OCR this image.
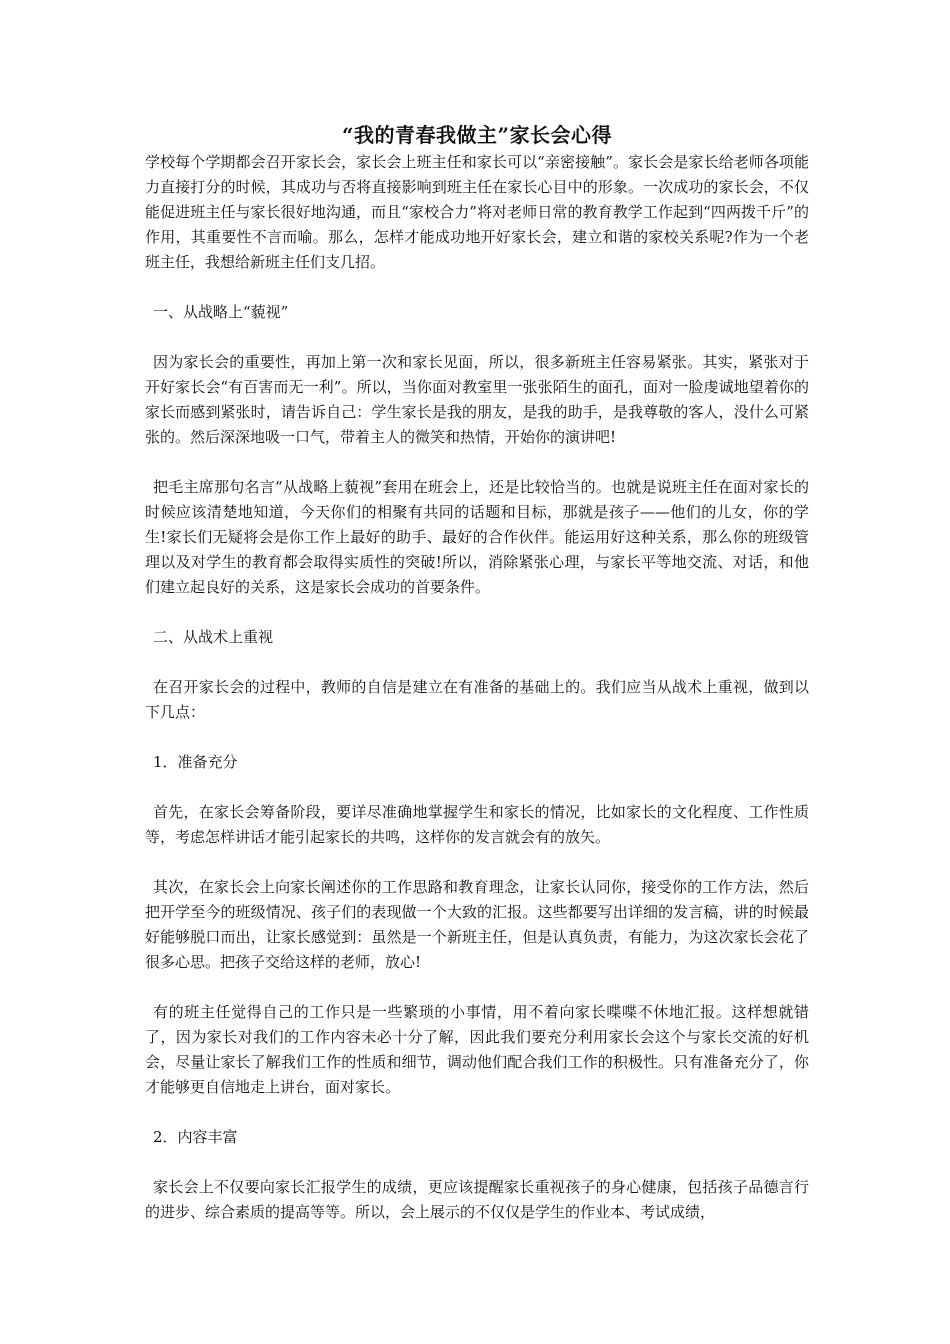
“我的青春我做主”家长会心得

学校每个学期都会召开家长会，家长会上班主任和家长可以“亲密接触”。家长会是家长给老师各项能力直接打分的时候，其成功与否将直接影响到班主任在家长心目中的形象。一次成功的家长会，不仅能促进班主任与家长很好地沟通，而且“家校合力”将对老师日常的教育教学工作起到“四两拨千斤”的作用，其重要性不言而喻。那么，怎样才能成功地开好家长会，建立和谐的家校关系呢?作为一个老班主任，我想给新班主任们支几招。

一、从战略上“藐视”

因为家长会的重要性，再加上第一次和家长见面，所以，很多新班主任容易紧张。其实，紧张对于开好家长会“有百害而无一利”。所以，当你面对教室里一张张陌生的面孔，面对一脸虔诚地望着你的家长而感到紧张时，请告诉自己：学生家长是我的朋友，是我的助手，是我尊敬的客人，没什么可紧张的。然后深深地吸一口气，带着主人的微笑和热情，开始你的演讲吧!

把毛主席那句名言“从战略上藐视”套用在班会上，还是比较恰当的。也就是说班主任在面对家长的时候应该清楚地知道，今天你们的相聚有共同的话题和目标，那就是孩子——他们的儿女，你的学生!家长们无疑将会是你工作上最好的助手、最好的合作伙伴。能运用好这种关系，那么你的班级管理以及对学生的教育都会取得实质性的突破!所以，消除紧张心理，与家长平等地交流、对话，和他们建立起良好的关系，这是家长会成功的首要条件。

二、从战术上重视

在召开家长会的过程中，教师的自信是建立在有准备的基础上的。我们应当从战术上重视，做到以下几点：

1．准备充分

首先，在家长会筹备阶段，要详尽准确地掌握学生和家长的情况，比如家长的文化程度、工作性质等，考虑怎样讲话才能引起家长的共鸣，这样你的发言就会有的放矢。

其次，在家长会上向家长阐述你的工作思路和教育理念，让家长认同你，接受你的工作方法，然后把开学至今的班级情况、孩子们的表现做一个大致的汇报。这些都要写出详细的发言稿，讲的时候最好能够脱口而出，让家长感觉到：虽然是一个新班主任，但是认真负责，有能力，为这次家长会花了很多心思。把孩子交给这样的老师，放心!

有的班主任觉得自己的工作只是一些繁琐的小事情，用不着向家长喋喋不休地汇报。这样想就错了，因为家长对我们的工作内容未必十分了解，因此我们要充分利用家长会这个与家长交流的好机会，尽量让家长了解我们工作的性质和细节，调动他们配合我们工作的积极性。只有准备充分了，你才能够更自信地走上讲台，面对家长。

2．内容丰富

家长会上不仅要向家长汇报学生的成绩，更应该提醒家长重视孩子的身心健康，包括孩子品德言行的进步、综合素质的提高等等。所以，会上展示的不仅仅是学生的作业本、考试成绩，
